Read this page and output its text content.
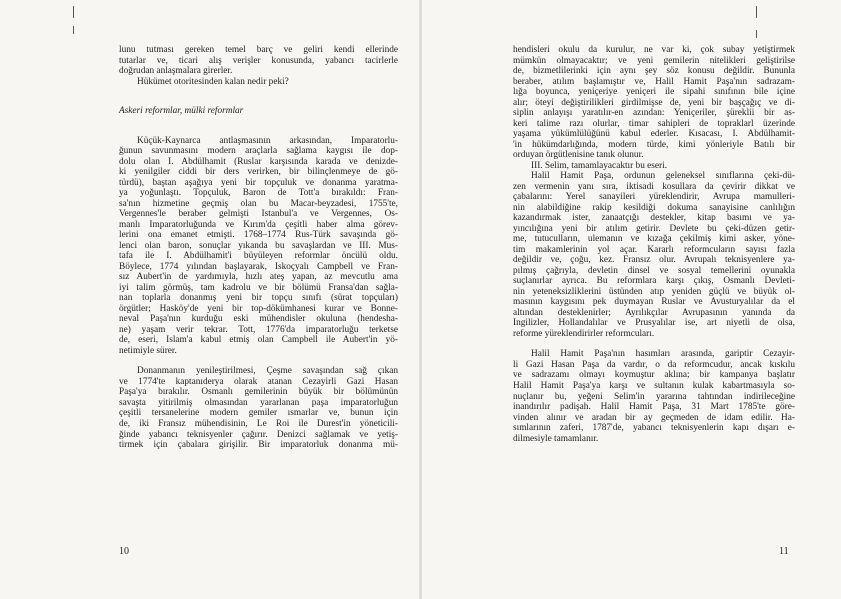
lunu tutması gereken temel barç ve geliri kendi ellerinde
tutarlar ve, ticari alış verişler konusunda, yabancı tacirlerle
doğrudan anlaşmalara girerler.
Hükümet otoritesinden kalan nedir peki?
Askeri reformlar, mülki reformlar
Küçük-Kaynarca antlaşmasının arkasından, İmparatorlu-
ğunun savunmasını modern araçlarla sağlama kaygısı ile dop-
dolu olan I. Abdülhamit (Ruslar karşısında karada ve denizde-
ki yenilgiler ciddi bir ders verirken, bir bilinçlenmeye de gö-
türdü), baştan aşağıya yeni bir topçuluk ve donanma yaratma-
ya yoğunlaştı. Topçuluk, Baron de Tott'a bırakıldı: Fran-
sa'nın hizmetine geçmiş olan bu Macar-beyzadesi, 1755'te,
Vergennes'le beraber gelmişti İstanbul'a ve Vergennes, Os-
manlı İmparatorluğunda ve Kırım'da çeşitli haber alma görev-
lerini ona emanet etmişti. 1768–1774 Rus-Türk savaşında gö-
lenci olan baron, sonuçlar yıkanda bu savaşlardan ve III. Mus-
tafa ile I. Abdülhamit'i büyüleyen reformlar öncülü oldu.
Böylece, 1774 yılından başlayarak, İskoçyalı Campbell ve Fran-
sız Aubert'in de yardımıyla, hızlı ateş yapan, az mevcutlu ama
iyi talim görmüş, tam kadrolu ve bir bölümü Fransa'dan sağla-
nan toplarla donanmış yeni bir topçu sınıfı (sürat topçuları)
örgütler; Hasköy'de yeni bir top-dökümhanesi kurar ve Bonne-
neval Paşa'nın kurduğu eski mühendisler okuluna (hendesha-
ne) yaşam verir tekrar. Tott, 1776'da imparatorluğu terketse
de, eseri, İslam'a kabul etmiş olan Campbell ile Aubert'in yö-
netimiyle sürer.
Donanmanın yenileştirilmesi, Çeşme savaşından sağ çıkan
ve 1774'te kaptanıderya olarak atanan Cezayirli Gazi Hasan
Paşa'ya bırakılır. Osmanlı gemilerinin büyük bir bölümünün
savaşta yitirilmiş olmasından yararlanan paşa imparatorluğun
çeşitli tersanelerine modern gemiler ısmarlar ve, bunun için
de, iki Fransız mühendisinin, Le Roi ile Durest'in yöneticili-
ğinde yabancı teknisyenler çağırır. Denizci sağlamak ve yetiş-
tirmek için çabalara girişilir. Bir imparatorluk donanma mü-
10
hendisleri okulu da kurulur, ne var ki, çok subay yetiştirmek
mümkün olmayacaktır; ve yeni gemilerin nitelikleri geliştirilse
de, bizmetlilerinki için aynı şey söz konusu değildir. Bununla
beraber, atılım başlamıştır ve, Halil Hamit Paşa'nın sadrazam-
lığa boyunca, yeniçeriye yeniçeri ile sipahi sınıfının bile içine
alır; öteyi değiştirilikleri girdilmişse de, yeni bir başçağıç ve di-
siplin anlayışı yaratılır-en azından: Yeniçeriler, şüreklii bir as-
keri talime razı olurlar, timar sahipleri de topraklarl üzerinde
yaşama yükümlülüğünü kabul ederler. Kısacası, I. Abdülhamit-
'in hükümdarlığında, modern türde, kimi yönleriyle Batılı bir
orduyan örgütlenisine tanık olunur.
III. Selim, tamamlayacaktır bu eseri.
Halil Hamit Paşa, ordunun geleneksel sınıflarına çeki-dü-
zen vermenin yanı sıra, iktisadi kosullara da çevirir dikkat ve
çabalarını: Yerel sanayileri yüreklendirir, Avrupa mamulleri-
nin alabildiğine rakip kesildiği dokuma sanayisine canlılığın
kazandırmak ister, zanaatçığı destekler, kitap basımı ve ya-
yıncılığına yeni bir atılım getirir. Devlete bu çeki-düzen getir-
me, tutuculların, ulemanın ve kızağa çekilmiş kimi asker, yöne-
tim makamlerinin yol açar. Kararlı reformcuların sayısı fazla
değildir ve, çoğu, kez. Fransız olur. Avrupalı teknisyenlere ya-
pılmış çağrıyla, devletin dinsel ve sosyal temellerini oyunakla
suçlanırlar ayrıca. Bu reformlara karşı çıkış, Osmanlı Devleti-
nin yeteneksizliklerini üstünden atıp yeniden güçlü ve büyük ol-
masının kaygısını pek duymayan Ruslar ve Avusturyalılar da el
altından desteklenirler; Ayrılıkçılar Avrupasının yanında da
İngilizler, Hollandalılar ve Prusyalılar ise, art niyetli de olsa,
reforme yüreklendirirler reformcuları.
Halil Hamit Paşa'nın hasımları arasında, gariptir Cezayir-
li Gazi Hasan Paşa da vardır, o da reformcudur, ancak kıskılu
ve sadrazamı olmayı koymuştur aklına; bir kampanya başlatır
Halil Hamit Paşa'ya karşı ve sultanın kulak kabartmasıyla so-
nuçlanır bu, yeğeni Selim'in yararına tahtından indirileceğine
inandırılır padişah. Halil Hamit Paşa, 31 Mart 1785'te göre-
vinden alınır ve aradan bir ay geçmeden de idam edilir. Ha-
sımlarının zaferi, 1787'de, yabancı teknisyenlerin kapı dışarı e-
dilmesiyle tamamlanır.
11
